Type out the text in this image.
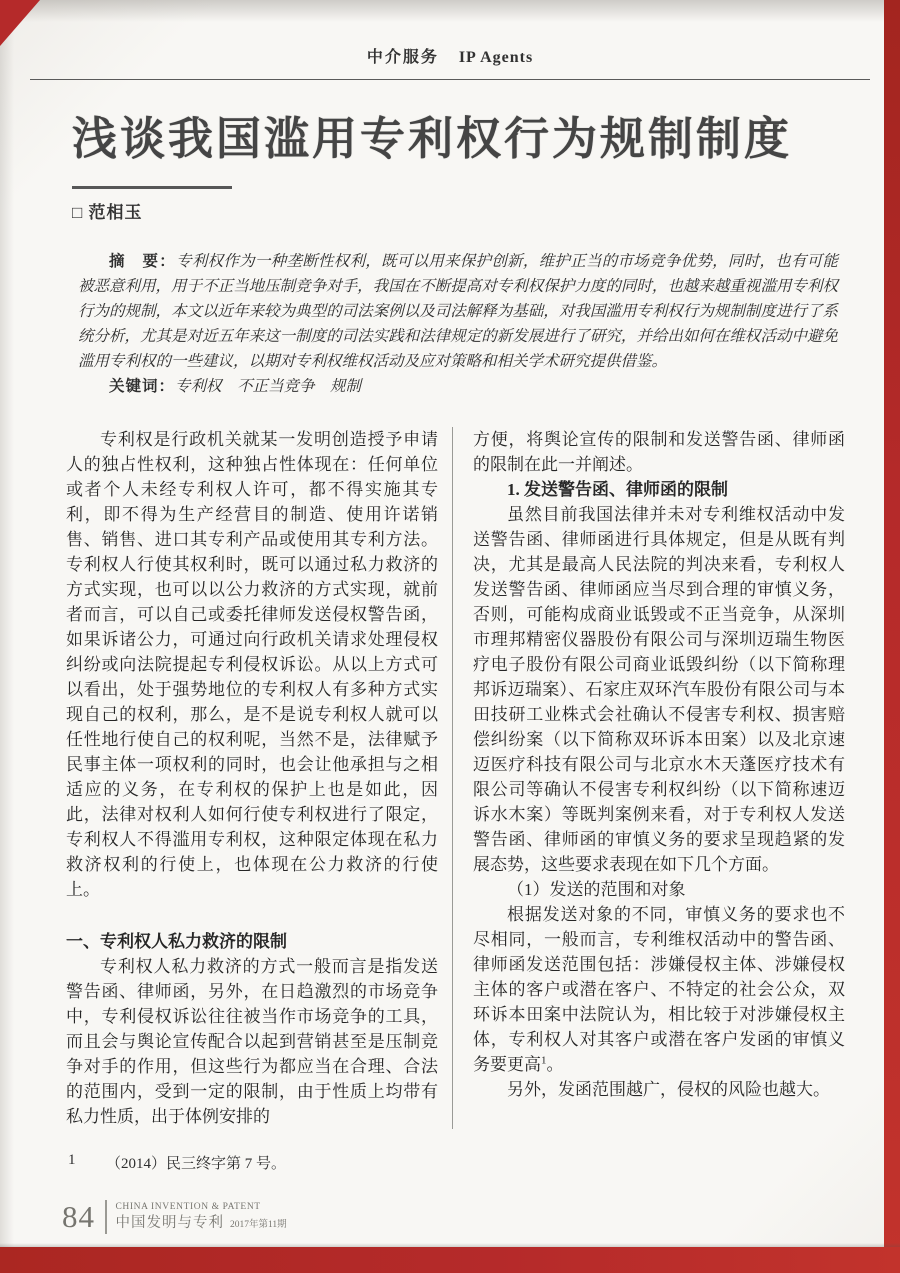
中介服务 IP Agents
浅谈我国滥用专利权行为规制制度
□ 范相玉

摘　要：专利权作为一种垄断性权利，既可以用来保护创新，维护正当的市场竞争优势，同时，也有可能被恶意利用，用于不正当地压制竞争对手，我国在不断提高对专利权保护力度的同时，也越来越重视滥用专利权行为的规制，本文以近年来较为典型的司法案例以及司法解释为基础，对我国滥用专利权行为规制制度进行了系统分析，尤其是对近五年来这一制度的司法实践和法律规定的新发展进行了研究，并给出如何在维权活动中避免滥用专利权的一些建议，以期对专利权维权活动及应对策略和相关学术研究提供借鉴。

关键词：专利权　不正当竞争　规制

专利权是行政机关就某一发明创造授予申请人的独占性权利，这种独占性体现在：任何单位或者个人未经专利权人许可，都不得实施其专利，即不得为生产经营目的制造、使用许诺销售、销售、进口其专利产品或使用其专利方法。专利权人行使其权利时，既可以通过私力救济的方式实现，也可以以公力救济的方式实现，就前者而言，可以自己或委托律师发送侵权警告函，如果诉诸公力，可通过向行政机关请求处理侵权纠纷或向法院提起专利侵权诉讼。从以上方式可以看出，处于强势地位的专利权人有多种方式实现自己的权利，那么，是不是说专利权人就可以任性地行使自己的权利呢，当然不是，法律赋予民事主体一项权利的同时，也会让他承担与之相适应的义务，在专利权的保护上也是如此，因此，法律对权利人如何行使专利权进行了限定，专利权人不得滥用专利权，这种限定体现在私力救济权利的行使上，也体现在公力救济的行使上。

一、专利权人私力救济的限制

专利权人私力救济的方式一般而言是指发送警告函、律师函，另外，在日趋激烈的市场竞争中，专利侵权诉讼往往被当作市场竞争的工具，而且会与舆论宣传配合以起到营销甚至是压制竞争对手的作用，但这些行为都应当在合理、合法的范围内，受到一定的限制，由于性质上均带有私力性质，出于体例安排的

方便，将舆论宣传的限制和发送警告函、律师函的限制在此一并阐述。

1. 发送警告函、律师函的限制

虽然目前我国法律并未对专利维权活动中发送警告函、律师函进行具体规定，但是从既有判决，尤其是最高人民法院的判决来看，专利权人发送警告函、律师函应当尽到合理的审慎义务，否则，可能构成商业诋毁或不正当竞争，从深圳市理邦精密仪器股份有限公司与深圳迈瑞生物医疗电子股份有限公司商业诋毁纠纷（以下简称理邦诉迈瑞案）、石家庄双环汽车股份有限公司与本田技研工业株式会社确认不侵害专利权、损害赔偿纠纷案（以下简称双环诉本田案）以及北京速迈医疗科技有限公司与北京水木天蓬医疗技术有限公司等确认不侵害专利权纠纷（以下简称速迈诉水木案）等既判案例来看，对于专利权人发送警告函、律师函的审慎义务的要求呈现趋紧的发展态势，这些要求表现在如下几个方面。

（1）发送的范围和对象

根据发送对象的不同，审慎义务的要求也不尽相同，一般而言，专利维权活动中的警告函、律师函发送范围包括：涉嫌侵权主体、涉嫌侵权主体的客户或潜在客户、不特定的社会公众，双环诉本田案中法院认为，相比较于对涉嫌侵权主体，专利权人对其客户或潜在客户发函的审慎义务要更高$^1$。

另外，发函范围越广，侵权的风险也越大。

1	（2014）民三终字第 7 号。
84 CHINA INVENTION & PATENT
中国发明与专利 2017年第11期
